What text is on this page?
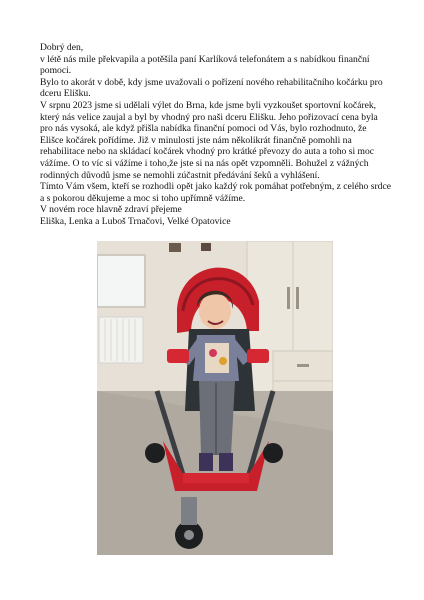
Dobrý den,

v létě nás mile překvapila a potěšila paní Karlíková telefonátem a s nabídkou finanční pomoci.

Bylo to akorát v době, kdy jsme uvažovali o pořízení nového rehabilitačního kočárku pro dceru Elišku.

V srpnu 2023 jsme si udělali výlet do Brna, kde jsme byli vyzkoušet sportovní kočárek, který nás velice zaujal a byl by vhodný pro naši dceru Elišku. Jeho pořizovací cena byla pro nás vysoká, ale když přišla nabídka finanční pomoci od Vás, bylo rozhodnuto, že Elišce kočárek pořídíme. Již v minulosti jste nám několikrát finančně pomohli na rehabilitace nebo na skládací kočárek vhodný pro krátké převozy do auta a toho si moc vážíme. O to víc si vážíme i toho,že jste si na nás opět vzpomněli. Bohužel z vážných rodinných důvodů jsme se nemohli zúčastnit předávání šeků a vyhlášení.

Tímto Vám všem, kteří se rozhodli opět jako každý rok pomáhat potřebným, z celého srdce a s pokorou děkujeme a moc si toho upřímně vážíme.

V novém roce hlavně zdraví přejeme

Eliška, Lenka a Luboš Trnačovi, Velké Opatovice
